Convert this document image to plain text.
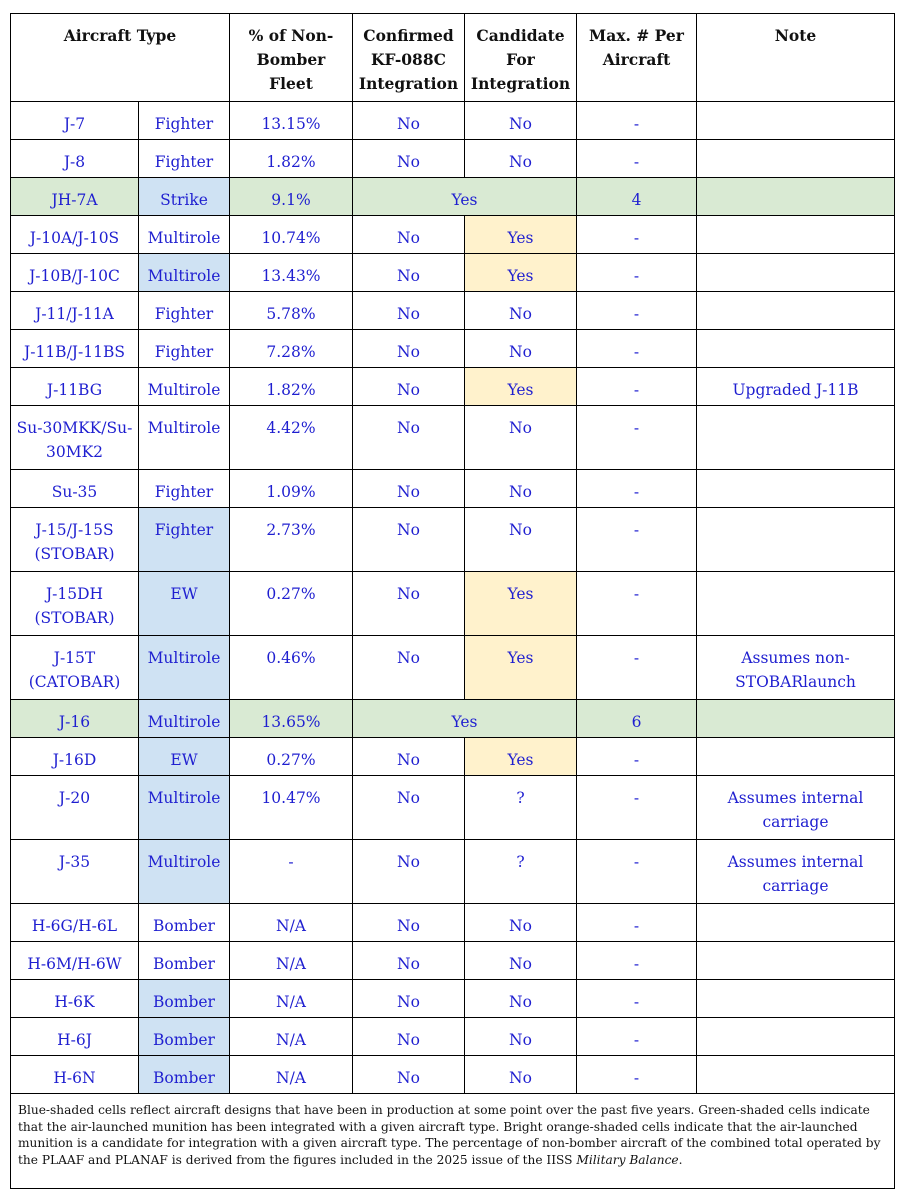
Aircraft Type		% of Non-Bomber Fleet	Confirmed KF-088C Integration	Candidate For Integration	Max. # Per Aircraft	Note
J-7	Fighter	13.15%	No	No	-	
J-8	Fighter	1.82%	No	No	-	
JH-7A	Strike	9.1%	Yes		4	
J-10A/J-10S	Multirole	10.74%	No	Yes	-	
J-10B/J-10C	Multirole	13.43%	No	Yes	-	
J-11/J-11A	Fighter	5.78%	No	No	-	
J-11B/J-11BS	Fighter	7.28%	No	No	-	
J-11BG	Multirole	1.82%	No	Yes	-	Upgraded J-11B
Su-30MKK/Su-30MK2	Multirole	4.42%	No	No	-	
Su-35	Fighter	1.09%	No	No	-	
J-15/J-15S (STOBAR)	Fighter	2.73%	No	No	-	
J-15DH (STOBAR)	EW	0.27%	No	Yes	-	
J-15T (CATOBAR)	Multirole	0.46%	No	Yes	-	Assumes non-STOBARlaunch
J-16	Multirole	13.65%	Yes		6	
J-16D	EW	0.27%	No	Yes	-	
J-20	Multirole	10.47%	No	?	-	Assumes internal carriage
J-35	Multirole	-	No	?	-	Assumes internal carriage
H-6G/H-6L	Bomber	N/A	No	No	-	
H-6M/H-6W	Bomber	N/A	No	No	-	
H-6K	Bomber	N/A	No	No	-	
H-6J	Bomber	N/A	No	No	-	
H-6N	Bomber	N/A	No	No	-	
Blue-shaded cells reflect aircraft designs that have been in production at some point over the past five years. Green-shaded cells indicate that the air-launched munition has been integrated with a given aircraft type. Bright orange-shaded cells indicate that the air-launched munition is a candidate for integration with a given aircraft type. The percentage of non-bomber aircraft of the combined total operated by the PLAAF and PLANAF is derived from the figures included in the 2025 issue of the IISS Military Balance.						
